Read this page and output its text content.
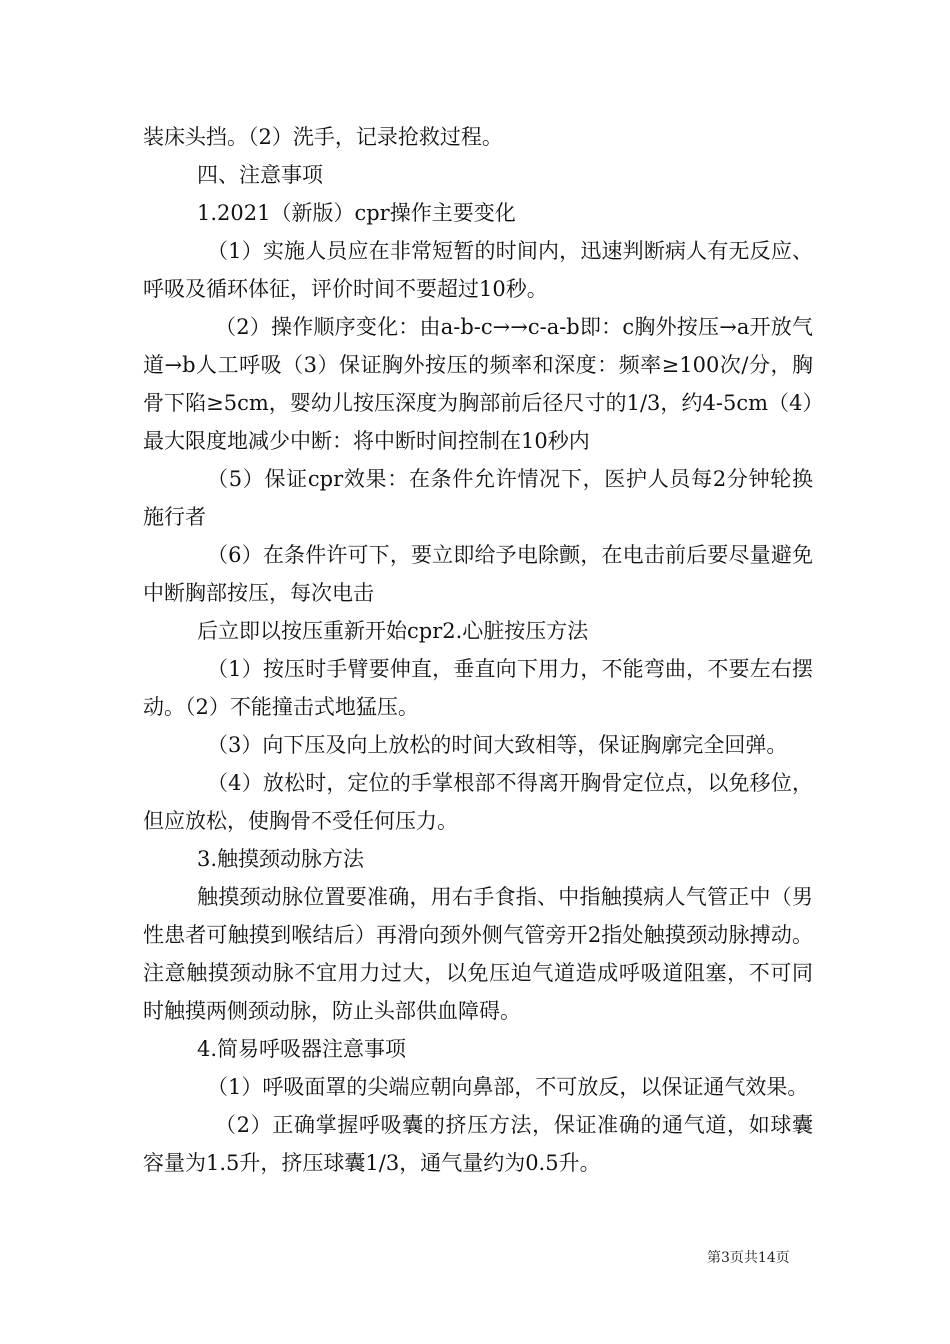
装床头挡。（2）洗手，记录抢救过程。

四、注意事项

1.2021（新版）cpr操作主要变化

（1）实施人员应在非常短暂的时间内，迅速判断病人有无反应、呼吸及循环体征，评价时间不要超过10秒。

（2）操作顺序变化：由a-b-c→→c-a-b即：c胸外按压→a开放气道→b人工呼吸（3）保证胸外按压的频率和深度：频率≥100次/分，胸骨下陷≥5cm，婴幼儿按压深度为胸部前后径尺寸的1/3，约4-5cm（4）最大限度地减少中断：将中断时间控制在10秒内

（5）保证cpr效果：在条件允许情况下，医护人员每2分钟轮换施行者

（6）在条件许可下，要立即给予电除颤，在电击前后要尽量避免中断胸部按压，每次电击

后立即以按压重新开始cpr2.心脏按压方法

（1）按压时手臂要伸直，垂直向下用力，不能弯曲，不要左右摆动。（2）不能撞击式地猛压。

（3）向下压及向上放松的时间大致相等，保证胸廓完全回弹。

（4）放松时，定位的手掌根部不得离开胸骨定位点，以免移位，但应放松，使胸骨不受任何压力。

3.触摸颈动脉方法

触摸颈动脉位置要准确，用右手食指、中指触摸病人气管正中（男性患者可触摸到喉结后）再滑向颈外侧气管旁开2指处触摸颈动脉搏动。注意触摸颈动脉不宜用力过大，以免压迫气道造成呼吸道阻塞，不可同时触摸两侧颈动脉，防止头部供血障碍。

4.简易呼吸器注意事项

（1）呼吸面罩的尖端应朝向鼻部，不可放反，以保证通气效果。

（2）正确掌握呼吸囊的挤压方法，保证准确的通气道，如球囊容量为1.5升，挤压球囊1/3，通气量约为0.5升。

第3页共14页
